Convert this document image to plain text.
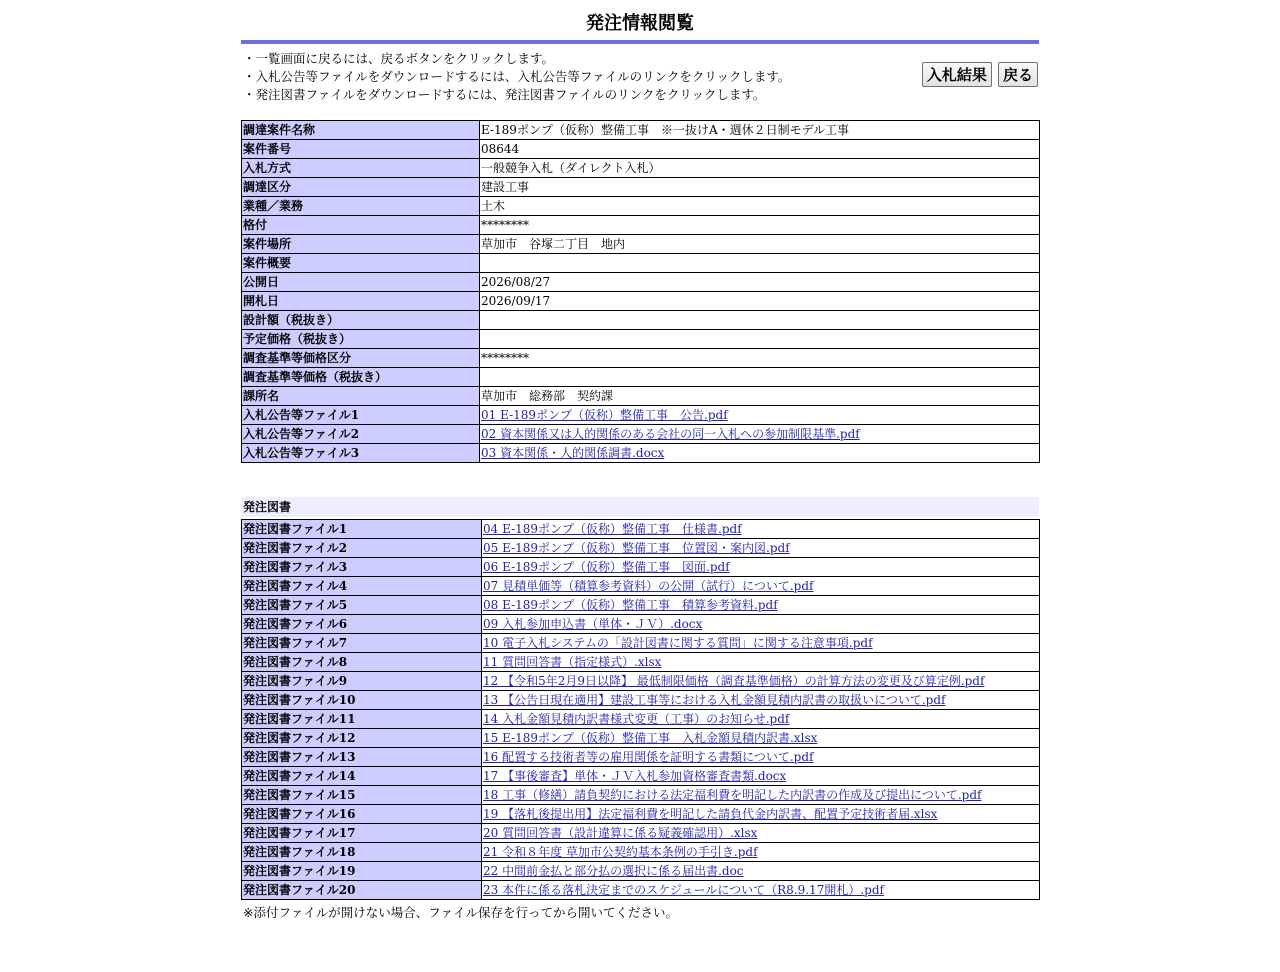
発注情報閲覧
・一覧画面に戻るには、戻るボタンをクリックします。
・入札公告等ファイルをダウンロードするには、入札公告等ファイルのリンクをクリックします。
・発注図書ファイルをダウンロードするには、発注図書ファイルのリンクをクリックします。
入札結果 戻る
調達案件名称	E-189ポンプ（仮称）整備工事　※一抜けA・週休２日制モデル工事
案件番号	08644
入札方式	一般競争入札（ダイレクト入札）
調達区分	建設工事
業種／業務	土木
格付	********
案件場所	草加市　谷塚二丁目　地内
案件概要	
公開日	2026/08/27
開札日	2026/09/17
設計額（税抜き）	
予定価格（税抜き）	
調査基準等価格区分	********
調査基準等価格（税抜き）	
課所名	草加市　総務部　契約課
入札公告等ファイル1	01 E-189ポンプ（仮称）整備工事　公告.pdf
入札公告等ファイル2	02 資本関係又は人的関係のある会社の同一入札への参加制限基準.pdf
入札公告等ファイル3	03 資本関係・人的関係調書.docx
発注図書
発注図書ファイル1	04 E-189ポンプ（仮称）整備工事　仕様書.pdf
発注図書ファイル2	05 E-189ポンプ（仮称）整備工事　位置図・案内図.pdf
発注図書ファイル3	06 E-189ポンプ（仮称）整備工事　図面.pdf
発注図書ファイル4	07 見積単価等（積算参考資料）の公開（試行）について.pdf
発注図書ファイル5	08 E-189ポンプ（仮称）整備工事　積算参考資料.pdf
発注図書ファイル6	09 入札参加申込書（単体・ＪＶ）.docx
発注図書ファイル7	10 電子入札システムの「設計図書に関する質問」に関する注意事項.pdf
発注図書ファイル8	11 質問回答書（指定様式）.xlsx
発注図書ファイル9	12 【令和5年2月9日以降】 最低制限価格（調査基準価格）の計算方法の変更及び算定例.pdf
発注図書ファイル10	13 【公告日現在適用】建設工事等における入札金額見積内訳書の取扱いについて.pdf
発注図書ファイル11	14 入札金額見積内訳書様式変更（工事）のお知らせ.pdf
発注図書ファイル12	15 E-189ポンプ（仮称）整備工事　入札金額見積内訳書.xlsx
発注図書ファイル13	16 配置する技術者等の雇用関係を証明する書類について.pdf
発注図書ファイル14	17 【事後審査】単体・ＪＶ入札参加資格審査書類.docx
発注図書ファイル15	18 工事（修繕）請負契約における法定福利費を明記した内訳書の作成及び提出について.pdf
発注図書ファイル16	19 【落札後提出用】法定福利費を明記した請負代金内訳書、配置予定技術者届.xlsx
発注図書ファイル17	20 質問回答書（設計違算に係る疑義確認用）.xlsx
発注図書ファイル18	21 令和８年度 草加市公契約基本条例の手引き.pdf
発注図書ファイル19	22 中間前金払と部分払の選択に係る届出書.doc
発注図書ファイル20	23 本件に係る落札決定までのスケジュールについて（R8.9.17開札）.pdf
※添付ファイルが開けない場合、ファイル保存を行ってから開いてください。
